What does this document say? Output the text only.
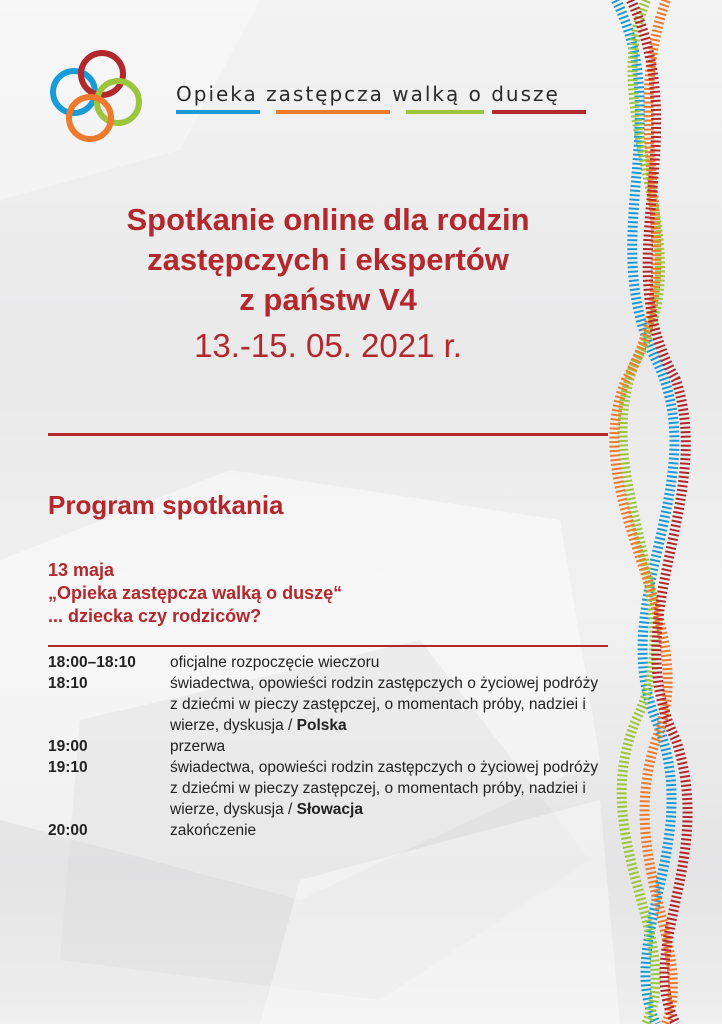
Opieka zastępcza walką o duszę
Spotkanie online dla rodzin
zastępczych i ekspertów
z państw V4
13.-15. 05. 2021 r.
Program spotkania
13 maja
„Opieka zastępcza walką o duszę“
... dziecka czy rodziców?
18:00–18:10	oficjalne rozpoczęcie wieczoru
18:10	świadectwa, opowieści rodzin zastępczych o życiowej podróży z dziećmi w pieczy zastępczej, o momentach próby, nadziei i wierze, dyskusja / Polska
19:00	przerwa
19:10	świadectwa, opowieści rodzin zastępczych o życiowej podróży z dziećmi w pieczy zastępczej, o momentach próby, nadziei i wierze, dyskusja / Słowacja
20:00	zakończenie
